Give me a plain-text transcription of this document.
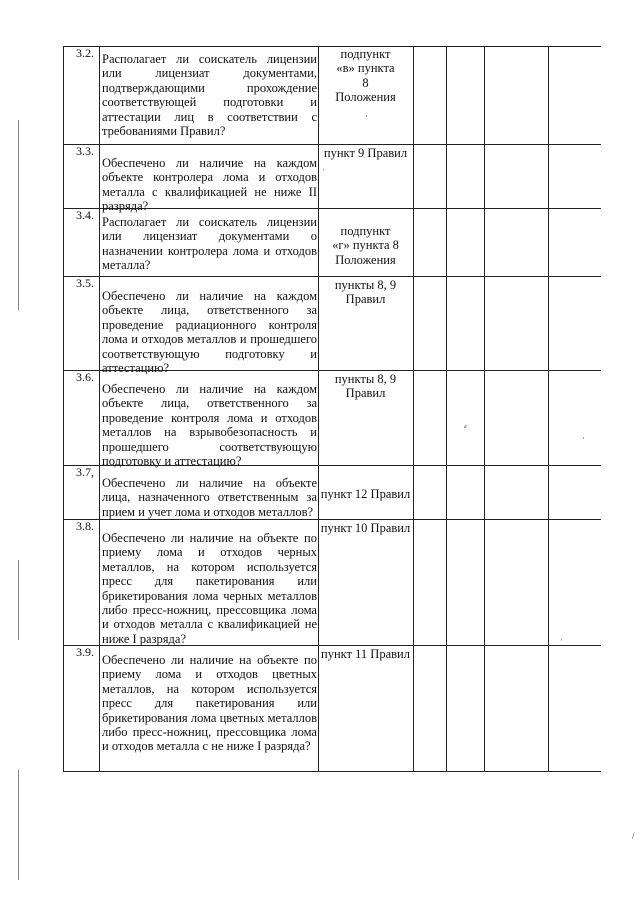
3.2. Располагает ли соискатель лицензии или лицензиат документами, подтверждающими прохождение соответствующей подготовки и аттестации лиц в соответствии с требованиями Правил?
подпункт «в» пункта 8 Положения
3.3.
Обеспечено ли наличие на каждом объекте контролера лома и отходов металла с квалификацией не ниже II разряда?
пункт 9 Правил
3.4. Располагает ли соискатель лицензии или лицензиат документами о назначении контролера лома и отходов металла?
подпункт «г» пункта 8 Положения
3.5.
Обеспечено ли наличие на каждом объекте лица, ответственного за проведение радиационного контроля лома и отходов металлов и прошедшего соответствующую подготовку и аттестацию?
пункты 8, 9 Правил
3.6.
Обеспечено ли наличие на каждом объекте лица, ответственного за проведение контроля лома и отходов металлов на взрывобезопасность и прошедшего соответствующую подготовку и аттестацию?
пункты 8, 9 Правил
3.7,
Обеспечено ли наличие на объекте лица, назначенного ответственным за прием и учет лома и отходов металлов?
пункт 12 Правил
3.8.
Обеспечено ли наличие на объекте по приему лома и отходов черных металлов, на котором используется пресс для пакетирования или брикетирования лома черных металлов либо пресс-ножниц, прессовщика лома и отходов металла с квалификацией не ниже I разряда?
пункт 10 Правил
3.9.
Обеспечено ли наличие на объекте по приему лома и отходов цветных металлов, на котором используется пресс для пакетирования или брикетирования лома цветных металлов либо пресс-ножниц, прессовщика лома и отходов металла с не ниже I разряда?
пункт 11 Правил
·
˒
⸗
·
˒
/
